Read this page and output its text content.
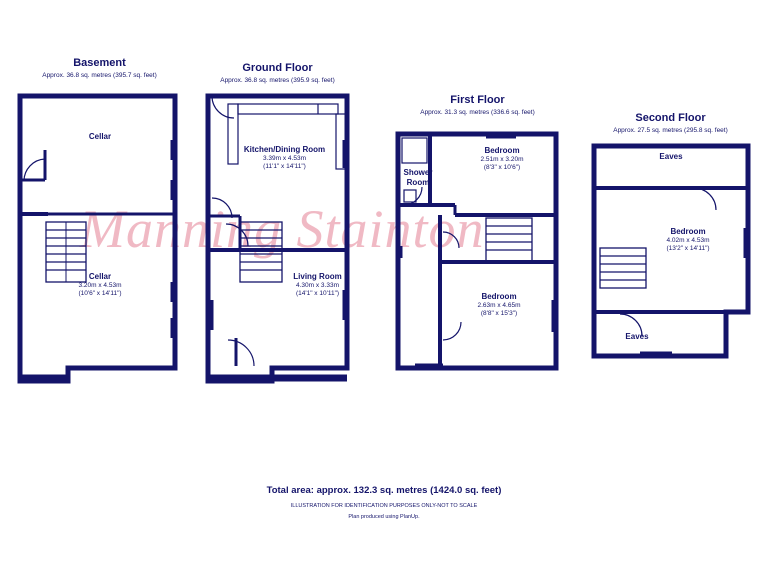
Manning Stainton
Basement
Approx. 36.8 sq. metres (395.7 sq. feet)
Ground Floor
Approx. 36.8 sq. metres (395.9 sq. feet)
First Floor
Approx. 31.3 sq. metres (336.6 sq. feet)	Second Floor
Approx. 27.5 sq. metres (295.8 sq. feet)
Cellar
Cellar
3.20m x 4.53m
(10'6" x 14'11")
Kitchen/Dining Room
3.39m x 4.53m
(11'1" x 14'11")
Living Room
4.30m x 3.33m
(14'1" x 10'11")
Bedroom
2.51m x 3.20m
(8'3" x 10'6")
Shower Room
Bedroom
2.63m x 4.65m
(8'8" x 15'3")
Eaves
Bedroom
4.02m x 4.53m
(13'2" x 14'11")
Eaves
Total area: approx. 132.3 sq. metres (1424.0 sq. feet)
ILLUSTRATION FOR IDENTIFICATION PURPOSES ONLY-NOT TO SCALE
Plan produced using PlanUp.
